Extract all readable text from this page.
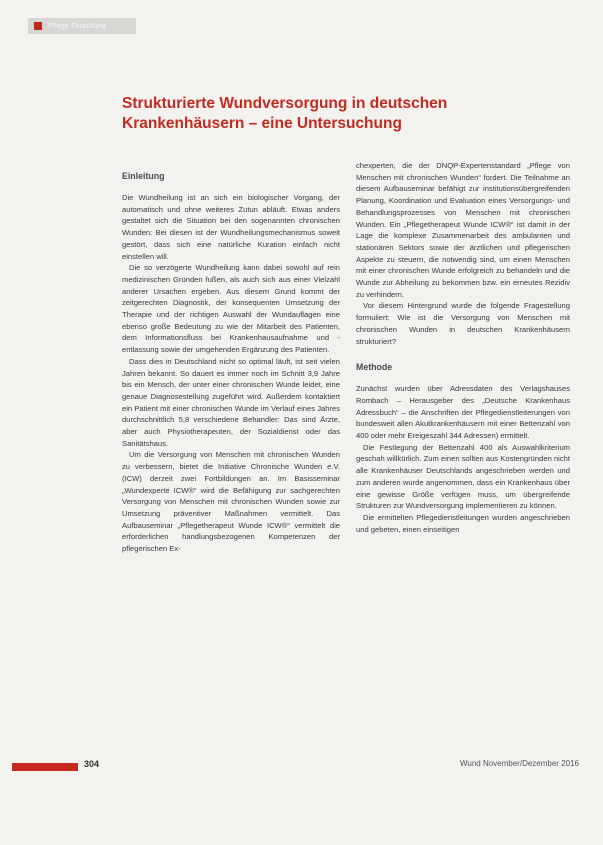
Pflege Forschung
Strukturierte Wundversorgung in deutschen Krankenhäusern – eine Untersuchung
Einleitung

Die Wundheilung ist an sich ein biologischer Vorgang, der automatisch und ohne weiteres Zutun abläuft. Etwas anders gestaltet sich die Situation bei den sogenannten chronischen Wunden: Bei diesen ist der Wundheilungsmechanismus soweit gestört, dass sich eine natürliche Kuration einfach nicht einstellen will.

Die so verzögerte Wundheilung kann dabei sowohl auf rein medizinischen Gründen fußen, als auch sich aus einer Vielzahl anderer Ursachen ergeben. Aus diesem Grund kommt der zeitgerechten Diagnostik, der konsequenten Umsetzung der Therapie und der richtigen Auswahl der Wundauflagen eine ebenso große Bedeutung zu wie der Mitarbeit des Patienten, dem Informationsfluss bei Krankenhausaufnahme und -entlassung sowie der umgehenden Ergänzung des Patienten.

Dass dies in Deutschland nicht so optimal läuft, ist seit vielen Jahren bekannt. So dauert es immer noch im Schnitt 3,9 Jahre bis ein Mensch, der unter einer chronischen Wunde leidet, eine genaue Diagnosestellung zugeführt wird. Außerdem kontaktiert ein Patient mit einer chronischen Wunde im Verlauf eines Jahres durchschnittlich 5,8 verschiedene Behandler: Das sind Ärzte, aber auch Physiotherapeuten, der Sozialdienst oder das Sanitätshaus.

Um die Versorgung von Menschen mit chronischen Wunden zu verbessern, bietet die Initiative Chronische Wunden e.V. (ICW) derzeit zwei Fortbildungen an. Im Basisseminar „Wundexperte ICW®“ wird die Befähigung zur sachgerechten Versorgung von Menschen mit chronischen Wunden sowie zur Umsetzung präventiver Maßnahmen vermittelt. Das Aufbauseminar „Pflegetherapeut Wunde ICW®“ vermittelt die erforderlichen handlungsbezogenen Kompetenzen der pflegerischen Ex-

chexperten, die der DNQP-Expertenstandard „Pflege von Menschen mit chronischen Wunden“ fordert. Die Teilnahme an diesem Aufbauseminar befähigt zur institutionsübergreifenden Planung, Koordination und Evaluation eines Versorgungs- und Behandlungsprozesses von Menschen mit chronischen Wunden. Ein „Pflegetherapeut Wunde ICW®“ ist damit in der Lage die komplexe Zusammenarbeit des ambulanten und stationären Sektors sowie der ärztlichen und pflegerischen Aspekte zu steuern, die notwendig sind, um einen Menschen mit einer chronischen Wunde erfolgreich zu behandeln und die Wunde zur Abheilung zu bekommen bzw. ein erneutes Rezidiv zu verhindern.

Vor diesem Hintergrund wurde die folgende Fragestellung formuliert: Wie ist die Versorgung von Menschen mit chronischen Wunden in deutschen Krankenhäusern strukturiert?

Methode

Zunächst wurden über Adressdaten des Verlagshauses Rombach – Herausgeber des „Deutsche Krankenhaus Adressbuch“ – die Anschriften der Pflegedienstleiterungen von bundesweit allen Akutkrankenhäusern mit einer Bettenzahl von 400 oder mehr Ereigeszahl 344 Adressen) ermittelt.

Die Festlegung der Bettenzahl 400 als Auswahlkriterium geschah willkürlich. Zum einen sollten aus Kostengründen nicht alle Krankenhäuser Deutschlands angeschrieben werden und zum anderen wurde angenommen, dass ein Krankenhaus über eine gewisse Größe verfügen muss, um übergreifende Strukturen zur Wundversorgung implementieren zu können.

Die ermittelten Pflegedienstleitungen wurden angeschrieben und gebeten, einen einseitigen

304	Wund November/Dezember 2016
